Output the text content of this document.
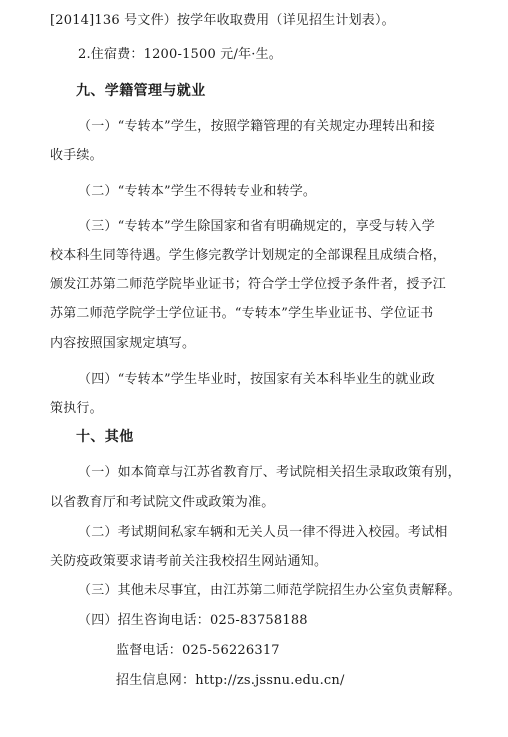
[2014]136 号文件）按学年收取费用（详见招生计划表）。
2.住宿费：1200-1500 元/年·生。
九、学籍管理与就业
（一）“专转本”学生，按照学籍管理的有关规定办理转出和接
收手续。
（二）“专转本”学生不得转专业和转学。
（三）“专转本”学生除国家和省有明确规定的，享受与转入学
校本科生同等待遇。学生修完教学计划规定的全部课程且成绩合格，
颁发江苏第二师范学院毕业证书；符合学士学位授予条件者，授予江
苏第二师范学院学士学位证书。“专转本”学生毕业证书、学位证书
内容按照国家规定填写。
（四）“专转本”学生毕业时，按国家有关本科毕业生的就业政
策执行。
十、其他
（一）如本简章与江苏省教育厅、考试院相关招生录取政策有别，
以省教育厅和考试院文件或政策为准。
（二）考试期间私家车辆和无关人员一律不得进入校园。考试相
关防疫政策要求请考前关注我校招生网站通知。
（三）其他未尽事宜，由江苏第二师范学院招生办公室负责解释。
（四）招生咨询电话：025-83758188
监督电话：025-56226317
招生信息网：http://zs.jssnu.edu.cn/
